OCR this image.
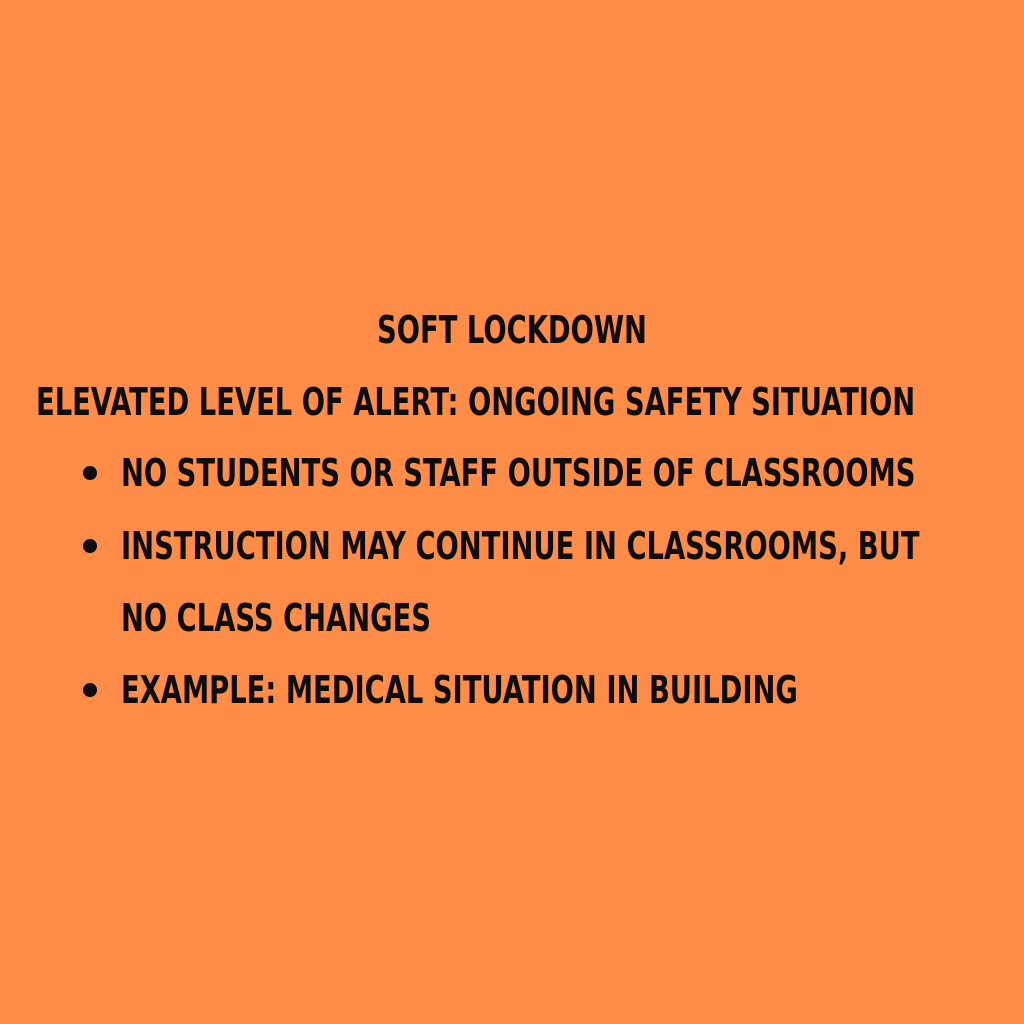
SOFT LOCKDOWN
ELEVATED LEVEL OF ALERT: ONGOING SAFETY SITUATION
NO STUDENTS OR STAFF OUTSIDE OF CLASSROOMS
INSTRUCTION MAY CONTINUE IN CLASSROOMS, BUT
NO CLASS CHANGES
EXAMPLE: MEDICAL SITUATION IN BUILDING
